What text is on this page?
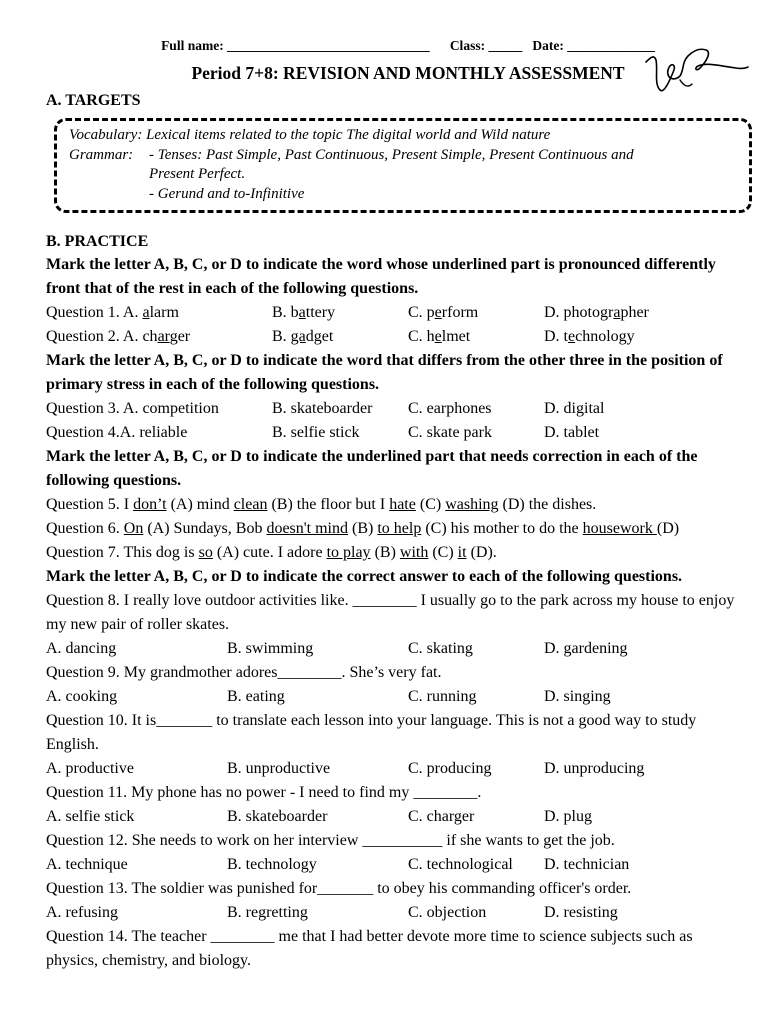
Full name: ______________________________ Class: _____ Date: _____________
Period 7+8: REVISION AND MONTHLY ASSESSMENT
A. TARGETS
Vocabulary: Lexical items related to the topic The digital world and Wild nature
Grammar:	- Tenses: Past Simple, Past Continuous, Present Simple, Present Continuous and
Present Perfect.
- Gerund and to-Infinitive
B. PRACTICE
Mark the letter A, B, C, or D to indicate the word whose underlined part is pronounced differently front that of the rest in each of the following questions.
Question 1. A. alarm	B. battery	C. perform	D. photographer
Question 2. A. charger	B. gadget	C. helmet	D. technology
Mark the letter A, B, C, or D to indicate the word that differs from the other three in the position of primary stress in each of the following questions.
Question 3. A. competition	B. skateboarder	C. earphones	D. digital
Question 4.A. reliable	B. selfie stick	C. skate park	D. tablet
Mark the letter A, B, C, or D to indicate the underlined part that needs correction in each of the following questions.
Question 5. I don’t (A) mind clean (B) the floor but I hate (C) washing (D) the dishes.
Question 6. On (A) Sundays, Bob doesn't mind (B) to help (C) his mother to do the housework (D)
Question 7. This dog is so (A) cute. I adore to play (B) with (C) it (D).
Mark the letter A, B, C, or D to indicate the correct answer to each of the following questions.
Question 8. I really love outdoor activities like. ________ I usually go to the park across my house to enjoy my new pair of roller skates.
A. dancing	B. swimming	C. skating	D. gardening
Question 9. My grandmother adores________. She’s very fat.
A. cooking	B. eating	C. running	D. singing
Question 10. It is_______ to translate each lesson into your language. This is not a good way to study English.
A. productive	B. unproductive	C. producing	D. unproducing
Question 11. My phone has no power - I need to find my ________.
A. selfie stick	B. skateboarder	C. charger	D. plug
Question 12. She needs to work on her interview __________ if she wants to get the job.
A. technique	B. technology	C. technological	D. technician
Question 13. The soldier was punished for_______ to obey his commanding officer's order.
A. refusing	B. regretting	C. objection	D. resisting
Question 14. The teacher ________ me that I had better devote more time to science subjects such as physics, chemistry, and biology.
